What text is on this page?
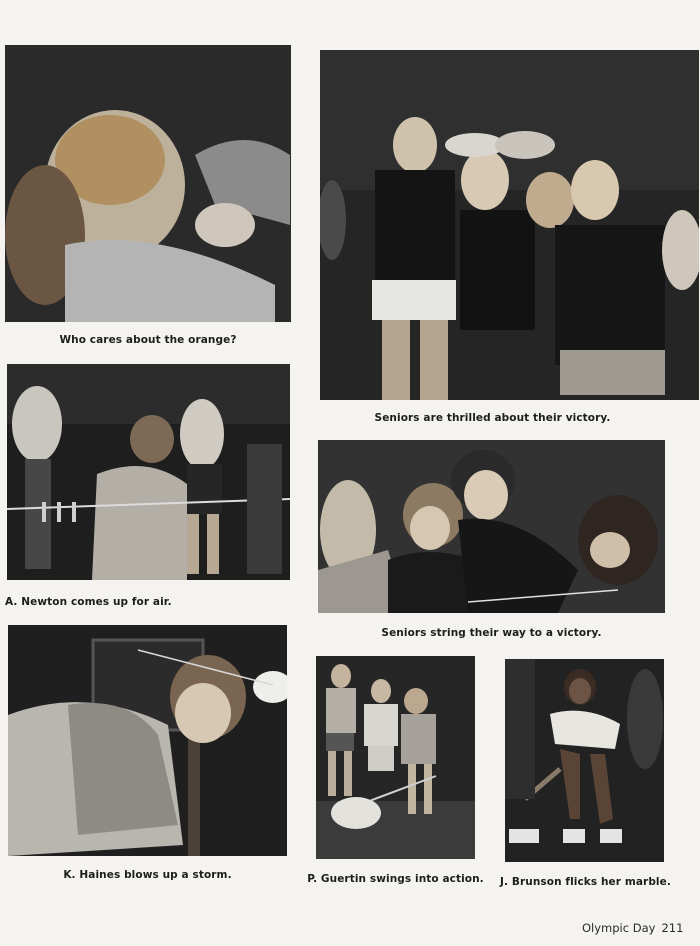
Who cares about the orange?
Seniors are thrilled about their victory.
A. Newton comes up for air.
Seniors string their way to a victory.
K. Haines blows up a storm.	P. Guertin swings into action.	J. Brunson flicks her marble.
Olympic Day 211
